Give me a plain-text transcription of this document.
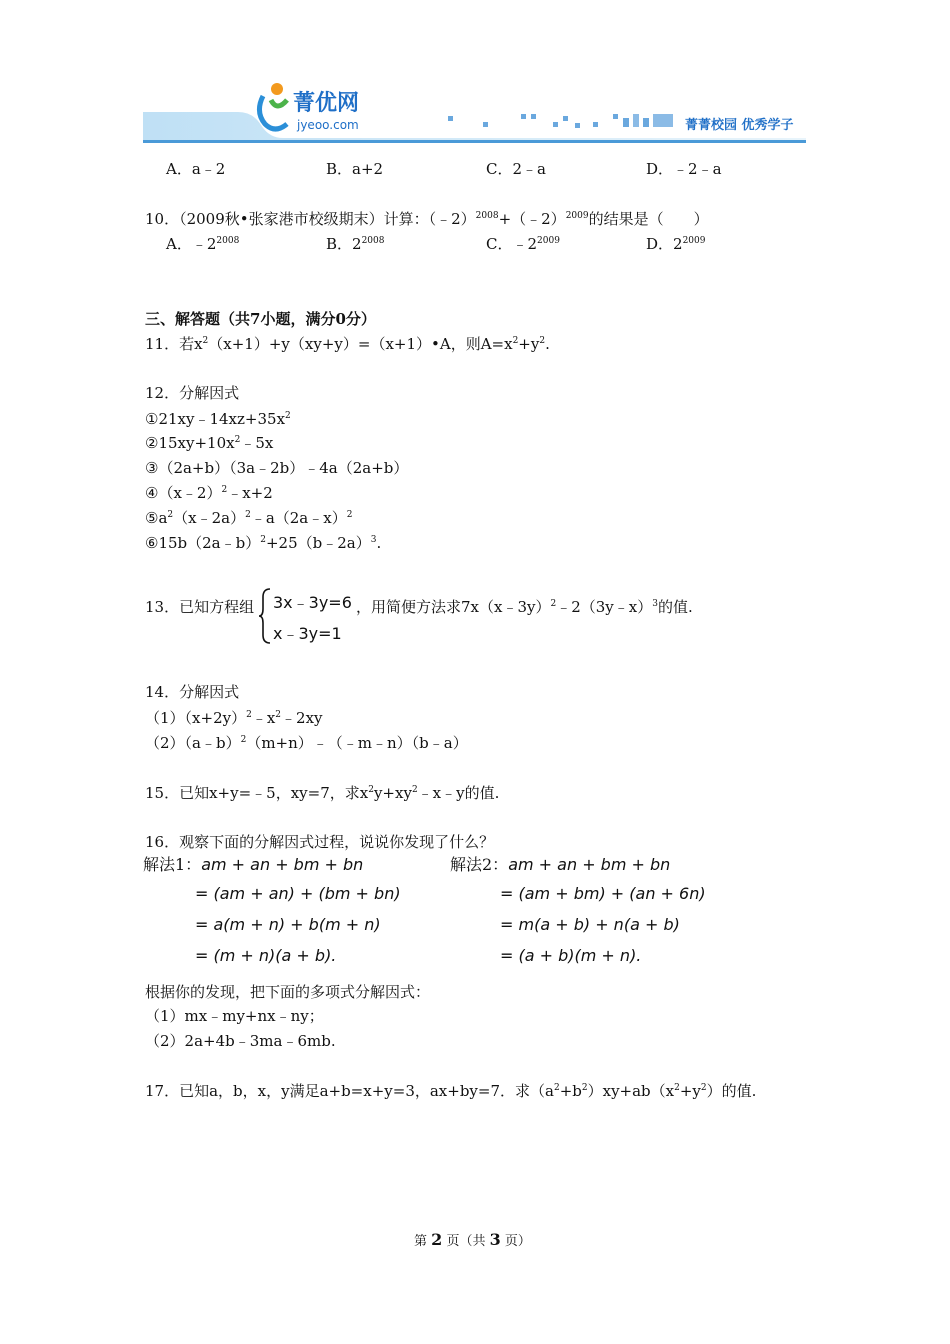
菁优网
jyeoo.com	菁菁校园 优秀学子
A．a﹣2	B．a+2	C．2﹣a	D．﹣2﹣a
10．（2009秋•张家港市校级期末）计算：（﹣2）$^{2008}$+（﹣2）$^{2009}$的结果是（　　）
A．$﹣2^{2008}$	B．$2^{2008}$	C．$﹣2^{2009}$	D．$2^{2009}$
三、解答题（共7小题，满分0分）
11．若$x^2(x+1)+y(xy+y)=(x+1)•A$，则$A=x^2+y^2$.
12．分解因式
$①21xy﹣14xz+35x^2$
$②15xy+10x^2﹣5x$
③（2a+b）（3a﹣2b）﹣4a（2a+b）
④（x﹣2）$^2$﹣x+2
$⑤a^2(x﹣2a)^2﹣a(2a﹣x)^2$
⑥15b（2a﹣b）$^2$+25（b﹣2a）$^3$.
13．已知方程组 3x﹣3y=6
x﹣3y=1
，用简便方法求7x（x﹣3y）$^2$﹣2（3y﹣x）$^3$的值.
14．分解因式
$(1)(x+2y)^2﹣x^2﹣2xy$
（2）（a﹣b）$^2$（m+n）﹣（﹣m﹣n）（b﹣a）
15．已知x+y=﹣5，xy=7，求$x^2y+xy^2﹣x﹣y$的值.
16．观察下面的分解因式过程，说说你发现了什么？
解法1：am + an + bm + bn
= (am + an) + (bm + bn)
= a(m + n) + b(m + n)
= (m + n)(a + b).
解法2：am + an + bm + bn
= (am + bm) + (an + 6n)
= m(a + b) + n(a + b)
= (a + b)(m + n).
根据你的发现，把下面的多项式分解因式：
（1）mx﹣my+nx﹣ny；
（2）2a+4b﹣3ma﹣6mb.
17．已知a，b，x，y满足a+b=x+y=3，ax+by=7．求$(a^2+b^2)xy+ab(x^2+y^2)$的值.
第 2 页（共 3 页）
